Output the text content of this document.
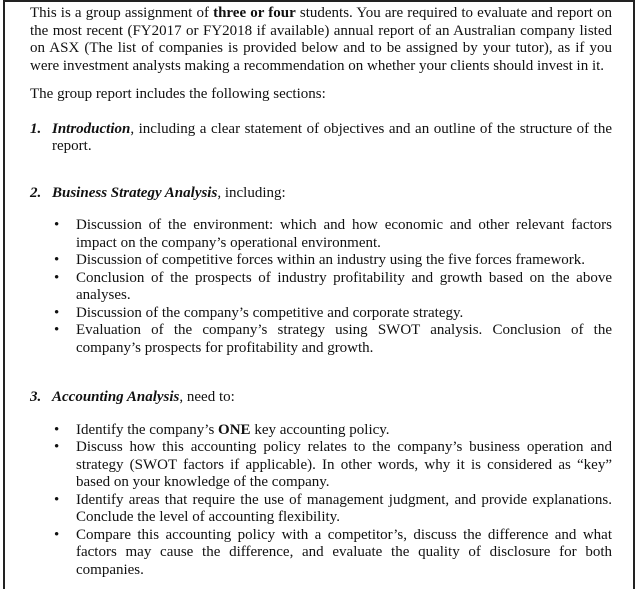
This is a group assignment of three or four students. You are required to evaluate and report on the most recent (FY2017 or FY2018 if available) annual report of an Australian company listed on ASX (The list of companies is provided below and to be assigned by your tutor), as if you were investment analysts making a recommendation on whether your clients should invest in it.

The group report includes the following sections:

1. Introduction, including a clear statement of objectives and an outline of the structure of the report.
2. Business Strategy Analysis, including:
•	Discussion of the environment: which and how economic and other relevant factors impact on the company’s operational environment.
•	Discussion of competitive forces within an industry using the five forces framework.
•	Conclusion of the prospects of industry profitability and growth based on the above analyses.
•	Discussion of the company’s competitive and corporate strategy.
•	Evaluation of the company’s strategy using SWOT analysis. Conclusion of the company’s prospects for profitability and growth.
3. Accounting Analysis, need to:
•	Identify the company’s ONE key accounting policy.
•	Discuss how this accounting policy relates to the company’s business operation and strategy (SWOT factors if applicable). In other words, why it is considered as “key” based on your knowledge of the company.
•	Identify areas that require the use of management judgment, and provide explanations. Conclude the level of accounting flexibility.
•	Compare this accounting policy with a competitor’s, discuss the difference and what factors may cause the difference, and evaluate the quality of disclosure for both companies.
